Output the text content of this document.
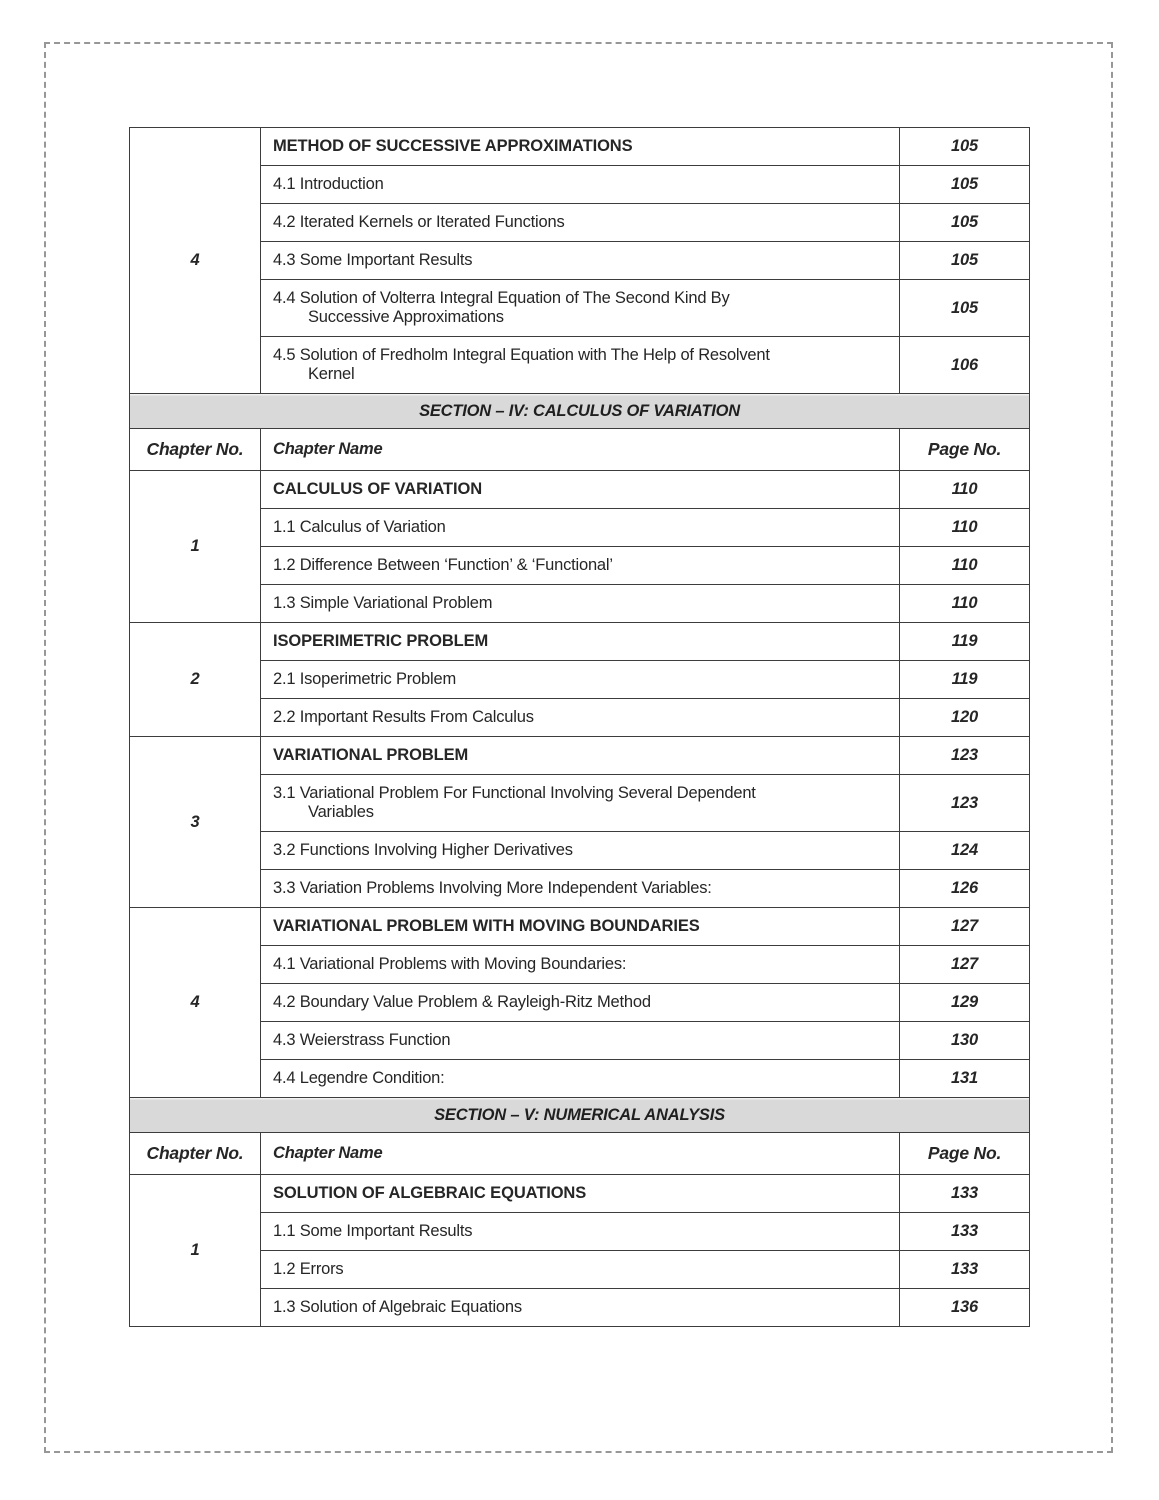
4	METHOD OF SUCCESSIVE APPROXIMATIONS	105
	4.1 Introduction	105
	4.2 Iterated Kernels or Iterated Functions	105
	4.3 Some Important Results	105

	4.4 Solution of Volterra Integral Equation of The Second Kind By
Successive Approximations	105

	4.5 Solution of Fredholm Integral Equation with The Help of Resolvent
Kernel	106
SECTION – IV: CALCULUS OF VARIATION		
Chapter No.	Chapter Name	Page No.
1	CALCULUS OF VARIATION	110
	1.1 Calculus of Variation	110
	1.2 Difference Between ‘Function’ & ‘Functional’	110
	1.3 Simple Variational Problem	110
2	ISOPERIMETRIC PROBLEM	119
	2.1 Isoperimetric Problem	119
	2.2 Important Results From Calculus	120
3	VARIATIONAL PROBLEM	123

	3.1 Variational Problem For Functional Involving Several Dependent
Variables	123
	3.2 Functions Involving Higher Derivatives	124
	3.3 Variation Problems Involving More Independent Variables:	126
4	VARIATIONAL PROBLEM WITH MOVING BOUNDARIES	127
	4.1 Variational Problems with Moving Boundaries:	127
	4.2 Boundary Value Problem & Rayleigh-Ritz Method	129
	4.3 Weierstrass Function	130
	4.4 Legendre Condition:	131
SECTION – V: NUMERICAL ANALYSIS		
Chapter No.	Chapter Name	Page No.
1	SOLUTION OF ALGEBRAIC EQUATIONS	133
	1.1 Some Important Results	133
	1.2 Errors	133
	1.3 Solution of Algebraic Equations	136
